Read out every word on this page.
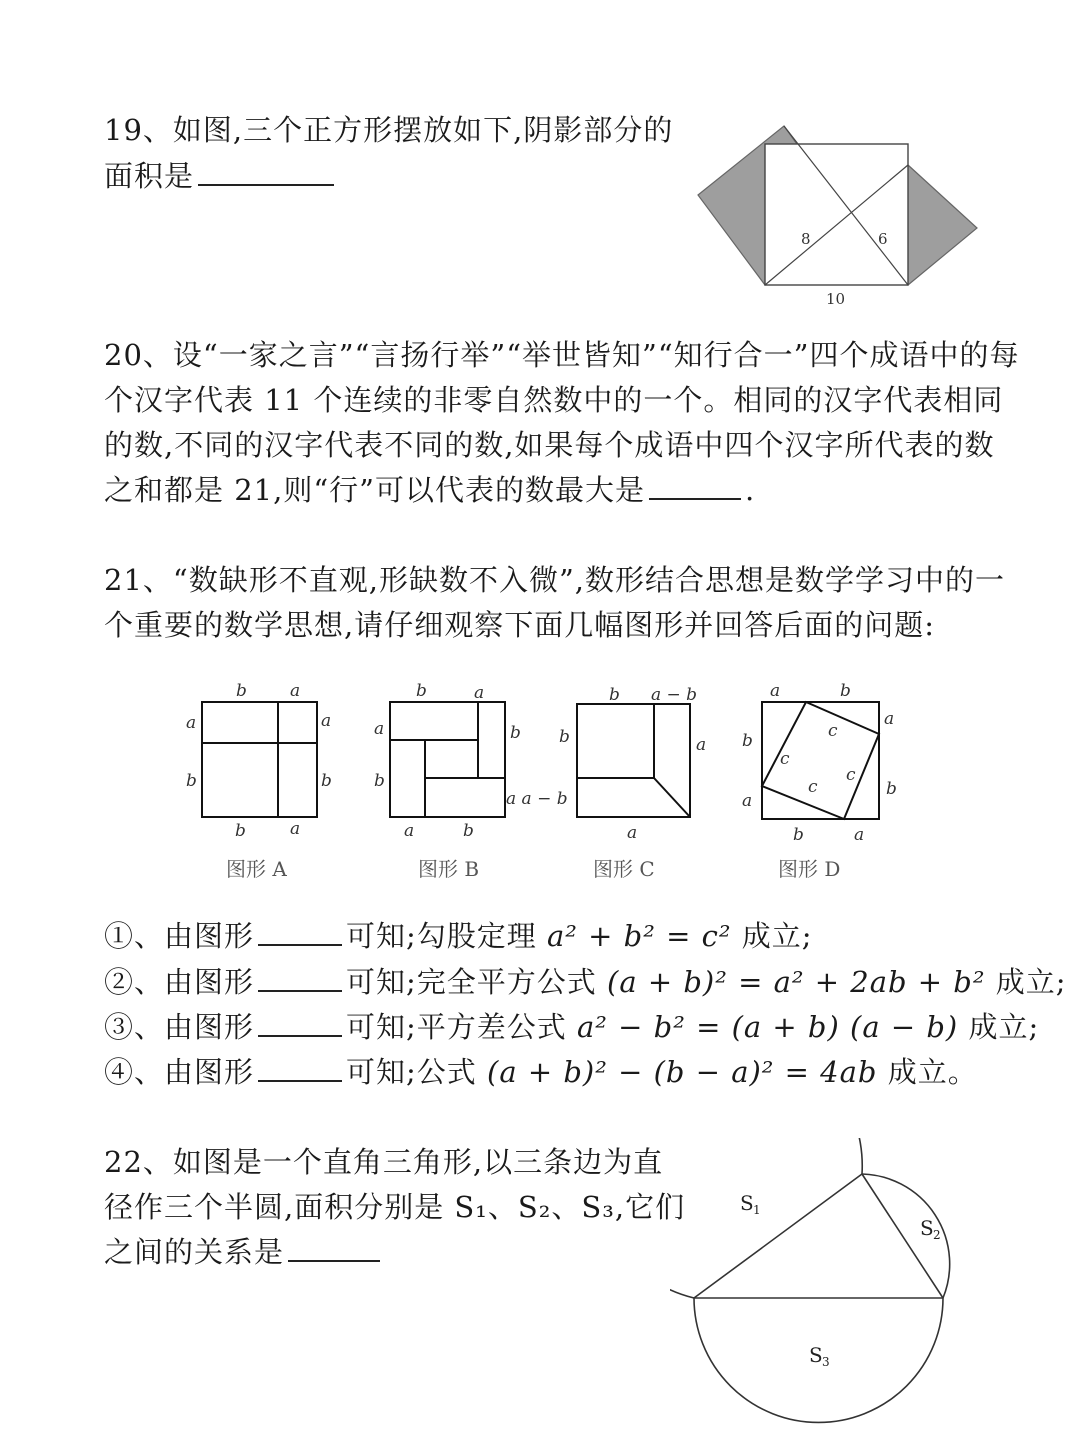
19、如图,三个正方形摆放如下,阴影部分的
面积是
8	6
10
20、设“一家之言”“言扬行举”“举世皆知”“知行合一”四个成语中的每
个汉字代表 11 个连续的非零自然数中的一个。相同的汉字代表相同
的数,不同的汉字代表不同的数,如果每个成语中四个汉字所代表的数
之和都是 21,则“行”可以代表的数最大是	.
21、“数缺形不直观,形缺数不入微”,数形结合思想是数学学习中的一
个重要的数学思想,请仔细观察下面几幅图形并回答后面的问题:
b	a
a
b
a
b
b	a
图形 A
b	a
a
b
b
a a − b
a	b
图形 B
b a − b
b	a
a
图形 C
a	b
b
a
a
b
b	a
c
c
c
c
图形 D
①、由图形	可知;勾股定理 a² + b² = c² 成立;
②、由图形	可知;完全平方公式 (a + b)² = a² + 2ab + b² 成立;
③、由图形	可知;平方差公式 a² − b² = (a + b) (a − b) 成立;
④、由图形	可知;公式 (a + b)² − (b − a)² = 4ab 成立。
22、如图是一个直角三角形,以三条边为直
径作三个半圆,面积分别是 S₁、S₂、S₃,它们
之间的关系是
S 1
S 2
S 3
